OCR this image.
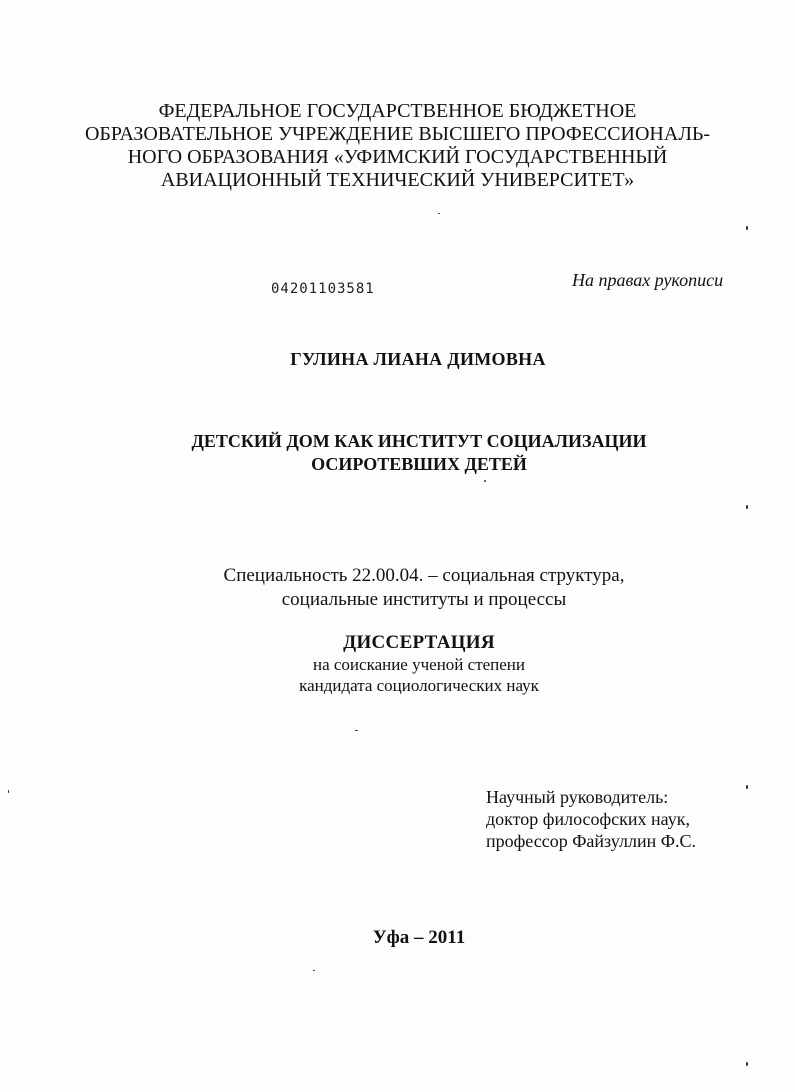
ФЕДЕРАЛЬНОЕ ГОСУДАРСТВЕННОЕ БЮДЖЕТНОЕ
ОБРАЗОВАТЕЛЬНОЕ УЧРЕЖДЕНИЕ ВЫСШЕГО ПРОФЕССИОНАЛЬ-
НОГО ОБРАЗОВАНИЯ «УФИМСКИЙ ГОСУДАРСТВЕННЫЙ
АВИАЦИОННЫЙ ТЕХНИЧЕСКИЙ УНИВЕРСИТЕТ»
04201103581	На правах рукописи
ГУЛИНА ЛИАНА ДИМОВНА
ДЕТСКИЙ ДОМ КАК ИНСТИТУТ СОЦИАЛИЗАЦИИ
ОСИРОТЕВШИХ ДЕТЕЙ
Специальность 22.00.04. – социальная структура,
социальные институты и процессы
ДИССЕРТАЦИЯ
на соискание ученой степени
кандидата социологических наук
Научный руководитель:
доктор философских наук,
профессор Файзуллин Ф.С.
Уфа – 2011
